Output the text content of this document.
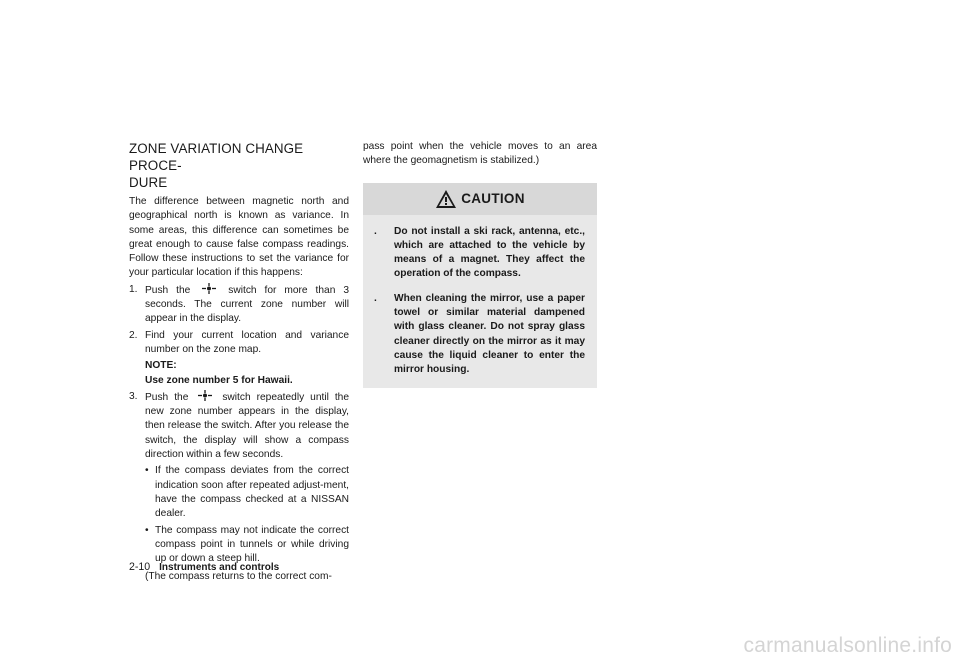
ZONE VARIATION CHANGE PROCE-
DURE

The difference between magnetic north and geographical north is known as variance. In some areas, this difference can sometimes be great enough to cause false compass readings. Follow these instructions to set the variance for your particular location if this happens:

1. Push the	switch for more than 3 seconds. The current zone number will appear in the display.
2. Find your current location and variance number on the zone map.
NOTE:
Use zone number 5 for Hawaii.
3. Push the	switch repeatedly until the new zone number appears in the display, then release the switch. After you release the switch, the display will show a compass direction within a few seconds.
• If the compass deviates from the correct indication soon after repeated adjust-ment, have the compass checked at a NISSAN dealer.
• The compass may not indicate the correct compass point in tunnels or while driving up or down a steep hill.
(The compass returns to the correct com-

pass point when the vehicle moves to an area where the geomagnetism is stabilized.)

CAUTION
.	Do not install a ski rack, antenna, etc., which are attached to the vehicle by means of a magnet. They affect the operation of the compass.
.	When cleaning the mirror, use a paper towel or similar material dampened with glass cleaner. Do not spray glass cleaner directly on the mirror as it may cause the liquid cleaner to enter the mirror housing.
2-10 Instruments and controls
carmanualsonline.info
